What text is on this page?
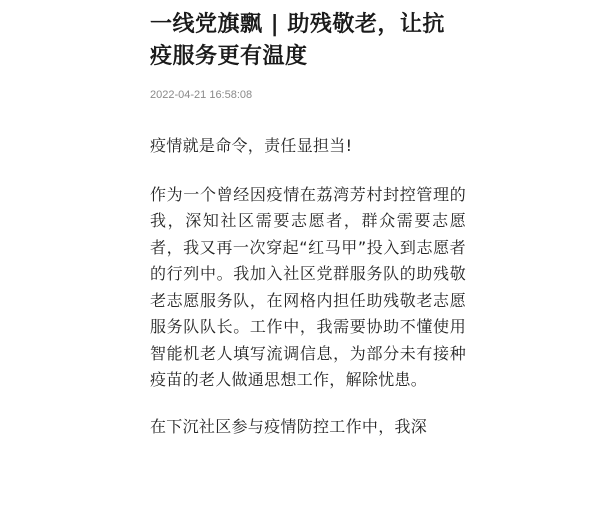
一线党旗飘 | 助残敬老，让抗疫服务更有温度
2022-04-21 16:58:08

疫情就是命令，责任显担当!

作为一个曾经因疫情在荔湾芳村封控管理的我，深知社区需要志愿者，群众需要志愿者，我又再一次穿起“红马甲”投入到志愿者的行列中。我加入社区党群服务队的助残敬老志愿服务队，在网格内担任助残敬老志愿服务队队长。工作中，我需要协助不懂使用智能机老人填写流调信息，为部分未有接种疫苗的老人做通思想工作，解除忧患。

在下沉社区参与疫情防控工作中，我深
